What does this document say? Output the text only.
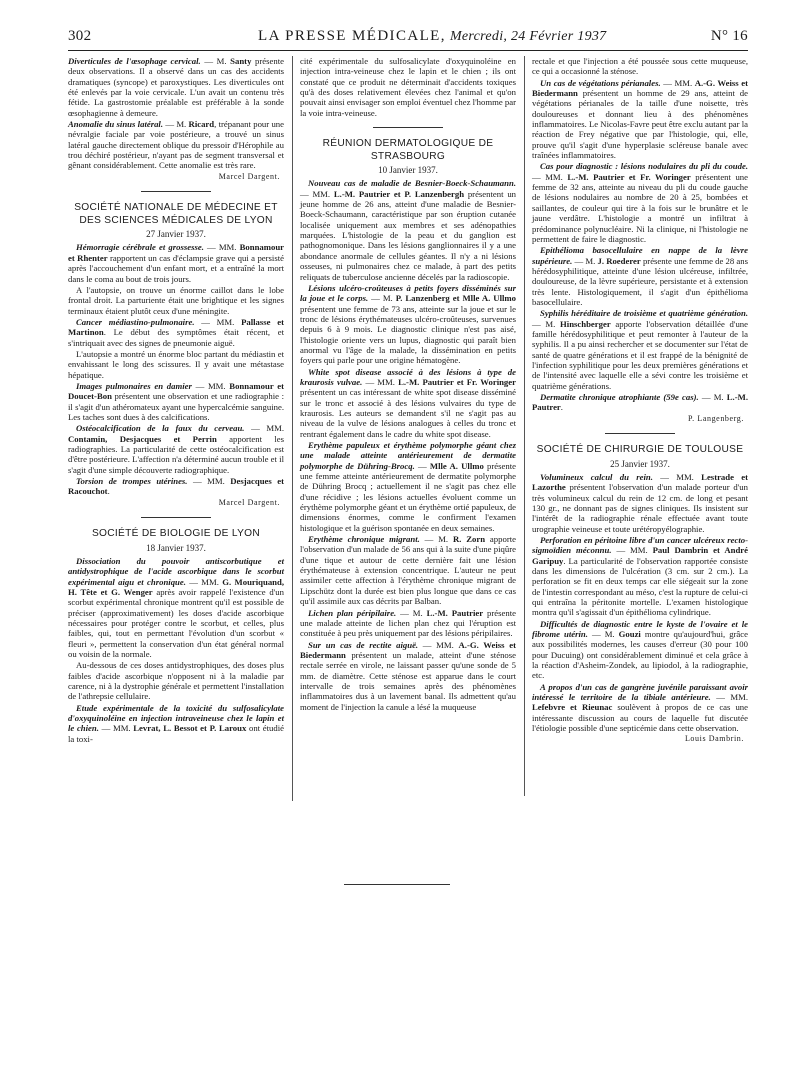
302	LA PRESSE MÉDICALE, Mercredi, 24 Février 1937	N° 16

Diverticules de l'œsophage cervical. — M. Santy présente deux observations. Il a observé dans un cas des accidents dramatiques (syncope) et paroxystiques. Les diverticules ont été enlevés par la voie cervicale. L'un avait un contenu très fétide. La gastrostomie préalable est préférable à la sonde œsophagienne à demeure.

Anomalie du sinus latéral. — M. Ricard, trépanant pour une névralgie faciale par voie postérieure, a trouvé un sinus latéral gauche directement oblique du pressoir d'Hérophile au trou déchiré postérieur, n'ayant pas de segment transversal et gênant considérablement. Cette anomalie est très rare.

Marcel Dargent.
SOCIÉTÉ NATIONALE DE MÉDECINE ET DES SCIENCES MÉDICALES DE LYON
27 Janvier 1937.

Hémorragie cérébrale et grossesse. — MM. Bonnamour et Rhenter rapportent un cas d'éclampsie grave qui a persisté après l'accouchement d'un enfant mort, et a entraîné la mort dans le coma au bout de trois jours.

A l'autopsie, on trouve un énorme caillot dans le lobe frontal droit. La parturiente était une brightique et les signes terminaux étaient plutôt ceux d'une méningite.

Cancer médiastino-pulmonaire. — MM. Pallasse et Martinon. Le début des symptômes était récent, et s'intriquait avec des signes de pneumonie aiguë.

L'autopsie a montré un énorme bloc partant du médiastin et envahissant le long des scissures. Il y avait une métastase hépatique.

Images pulmonaires en damier — MM. Bonnamour et Doucet-Bon présentent une observation et une radiographie : il s'agit d'un athéromateux ayant une hypercalcémie sanguine. Les taches sont dues à des calcifications.

Ostéocalcification de la faux du cerveau. — MM. Contamin, Desjacques et Perrin apportent les radiographies. La particularité de cette ostéocalcification est d'être postérieure. L'affection n'a déterminé aucun trouble et il s'agit d'une simple découverte radiographique.

Torsion de trompes utérines. — MM. Desjacques et Racouchot.

Marcel Dargent.
SOCIÉTÉ DE BIOLOGIE DE LYON
18 Janvier 1937.

Dissociation du pouvoir antiscorbutique et antidystrophique de l'acide ascorbique dans le scorbut expérimental aigu et chronique. — MM. G. Mouriquand, H. Tête et G. Wenger après avoir rappelé l'existence d'un scorbut expérimental chronique montrent qu'il est possible de préciser (approximativement) les doses d'acide ascorbique nécessaires pour protéger contre le scorbut, et celles, plus faibles, qui, tout en permettant l'évolution d'un scorbut « fleuri », permettent la conservation d'un état général normal ou voisin de la normale.

Au-dessous de ces doses antidystrophiques, des doses plus faibles d'acide ascorbique n'opposent ni à la maladie par carence, ni à la dystrophie générale et permettent l'installation de l'athrepsie cellulaire.

Etude expérimentale de la toxicité du sulfosalicylate d'oxyquinoléine en injection intraveineuse chez le lapin et le chien. — MM. Levrat, L. Bessot et P. Laroux ont étudié la toxi-

cité expérimentale du sulfosalicylate d'oxyquinoléine en injection intra-veineuse chez le lapin et le chien ; ils ont constaté que ce produit ne déterminait d'accidents toxiques qu'à des doses relativement élevées chez l'animal et qu'on pouvait ainsi envisager son emploi éventuel chez l'homme par la voie intra-veineuse.

RÉUNION DERMATOLOGIQUE DE STRASBOURG
10 Janvier 1937.

Nouveau cas de maladie de Besnier-Boeck-Schaumann. — MM. L.-M. Pautrier et P. Lanzenbergh présentent un jeune homme de 26 ans, atteint d'une maladie de Besnier-Boeck-Schaumann, caractéristique par son éruption cutanée localisée uniquement aux membres et ses adénopathies marquées. L'histologie de la peau et du ganglion est pathognomonique. Dans les lésions ganglionnaires il y a une abondance anormale de cellules géantes. Il n'y a ni lésions osseuses, ni pulmonaires chez ce malade, à part des petits reliquats de tuberculose ancienne décelés par la radioscopie.

Lésions ulcéro-croûteuses à petits foyers disséminés sur la joue et le corps. — M. P. Lanzenberg et Mlle A. Ullmo présentent une femme de 73 ans, atteinte sur la joue et sur le tronc de lésions érythémateuses ulcéro-croûteuses, survenues depuis 6 à 9 mois. Le diagnostic clinique n'est pas aisé, l'histologie oriente vers un lupus, diagnostic qui paraît bien anormal vu l'âge de la malade, la dissémination en petits foyers qui parle pour une origine hématogène.

White spot disease associé à des lésions à type de kraurosis vulvae. — MM. L.-M. Pautrier et Fr. Woringer présentent un cas intéressant de white spot disease disséminé sur le tronc et associé à des lésions vulvaires du type de kraurosis. Les auteurs se demandent s'il ne s'agit pas au niveau de la vulve de lésions analogues à celles du tronc et rentrant également dans le cadre du white spot disease.

Erythème papuleux et érythème polymorphe géant chez une malade atteinte antérieurement de dermatite polymorphe de Dühring-Brocq. — Mlle A. Ullmo présente une femme atteinte antérieurement de dermatite polymorphe de Dühring Brocq ; actuellement il ne s'agit pas chez elle d'une récidive ; les lésions actuelles évoluent comme un érythème polymorphe géant et un érythème ortié papuleux, de dimensions énormes, comme le confirment l'examen histologique et la guérison spontanée en deux semaines.

Erythème chronique migrant. — M. R. Zorn apporte l'observation d'un malade de 56 ans qui à la suite d'une piqûre d'une tique et autour de cette dernière fait une lésion érythémateuse à extension concentrique. L'auteur ne peut assimiler cette affection à l'érythème chronique migrant de Lipschütz dont la durée est bien plus longue que dans ce cas qu'il assimile aux cas décrits par Balban.

Lichen plan péripilaire. — M. L.-M. Pautrier présente une malade atteinte de lichen plan chez qui l'éruption est constituée à peu près uniquement par des lésions péripilaires.

Sur un cas de rectite aiguë. — MM. A.-G. Weiss et Biedermann présentent un malade, atteint d'une sténose rectale serrée en virole, ne laissant passer qu'une sonde de 5 mm. de diamètre. Cette sténose est apparue dans le court intervalle de trois semaines après des phénomènes inflammatoires dus à un lavement banal. Ils admettent qu'au moment de l'injection la canule a lésé la muqueuse

rectale et que l'injection a été poussée sous cette muqueuse, ce qui a occasionné la sténose.

Un cas de végétations périanales. — MM. A.-G. Weiss et Biedermann présentent un homme de 29 ans, atteint de végétations périanales de la taille d'une noisette, très douloureuses et donnant lieu à des phénomènes inflammatoires. Le Nicolas-Favre peut être exclu autant par la réaction de Frey négative que par l'histologie, qui, elle, prouve qu'il s'agit d'une hyperplasie scléreuse banale avec traînées inflammatoires.

Cas pour diagnostic : lésions nodulaires du pli du coude. — MM. L.-M. Pautrier et Fr. Woringer présentent une femme de 32 ans, atteinte au niveau du pli du coude gauche de lésions nodulaires au nombre de 20 à 25, bombées et saillantes, de couleur qui tire à la fois sur le brunâtre et le jaune verdâtre. L'histologie a montré un infiltrat à prédominance polynucléaire. Ni la clinique, ni l'histologie ne permettent de faire le diagnostic.

Epithélioma basocellulaire en nappe de la lèvre supérieure. — M. J. Roederer présente une femme de 28 ans hérédosyphilitique, atteinte d'une lésion ulcéreuse, infiltrée, douloureuse, de la lèvre supérieure, persistante et à extension très lente. Histologiquement, il s'agit d'un épithélioma basocellulaire.

Syphilis héréditaire de troisième et quatrième génération. — M. Hinschberger apporte l'observation détaillée d'une famille hérédosyphilitique et peut remonter à l'auteur de la syphilis. Il a pu ainsi rechercher et se documenter sur l'état de santé de quatre générations et il est frappé de la bénignité de l'infection syphilitique pour les deux premières générations et de l'intensité avec laquelle elle a sévi contre les troisième et quatrième générations.

Dermatite chronique atrophiante (59e cas). — M. L.-M. Pautrer.

P. Langenberg.
SOCIÉTÉ DE CHIRURGIE DE TOULOUSE
25 Janvier 1937.

Volumineux calcul du rein. — MM. Lestrade et Lazorthe présentent l'observation d'un malade porteur d'un très volumineux calcul du rein de 12 cm. de long et pesant 130 gr., ne donnant pas de signes cliniques. Ils insistent sur l'intérêt de la radiographie rénale effectuée avant toute urographie veineuse et toute urétéropyélographie.

Perforation en péritoine libre d'un cancer ulcéreux recto-sigmoïdien méconnu. — MM. Paul Dambrin et André Garipuy. La particularité de l'observation rapportée consiste dans les dimensions de l'ulcération (3 cm. sur 2 cm.). La perforation se fit en deux temps car elle siégeait sur la zone de l'intestin correspondant au méso, c'est la rupture de celui-ci qui entraîna la péritonite mortelle. L'examen histologique montra qu'il s'agissait d'un épithélioma cylindrique.

Difficultés de diagnostic entre le kyste de l'ovaire et le fibrome utérin. — M. Gouzi montre qu'aujourd'hui, grâce aux possibilités modernes, les causes d'erreur (30 pour 100 pour Ducuing) ont considérablement diminué et cela grâce à la réaction d'Asheim-Zondek, au lipiodol, à la radiographie, etc.

A propos d'un cas de gangrène juvénile paraissant avoir intéressé le territoire de la tibiale antérieure. — MM. Lefebvre et Rieunac soulèvent à propos de ce cas une intéressante discussion au cours de laquelle fut discutée l'étiologie possible d'une septicémie dans cette observation.

Louis Dambrin.
